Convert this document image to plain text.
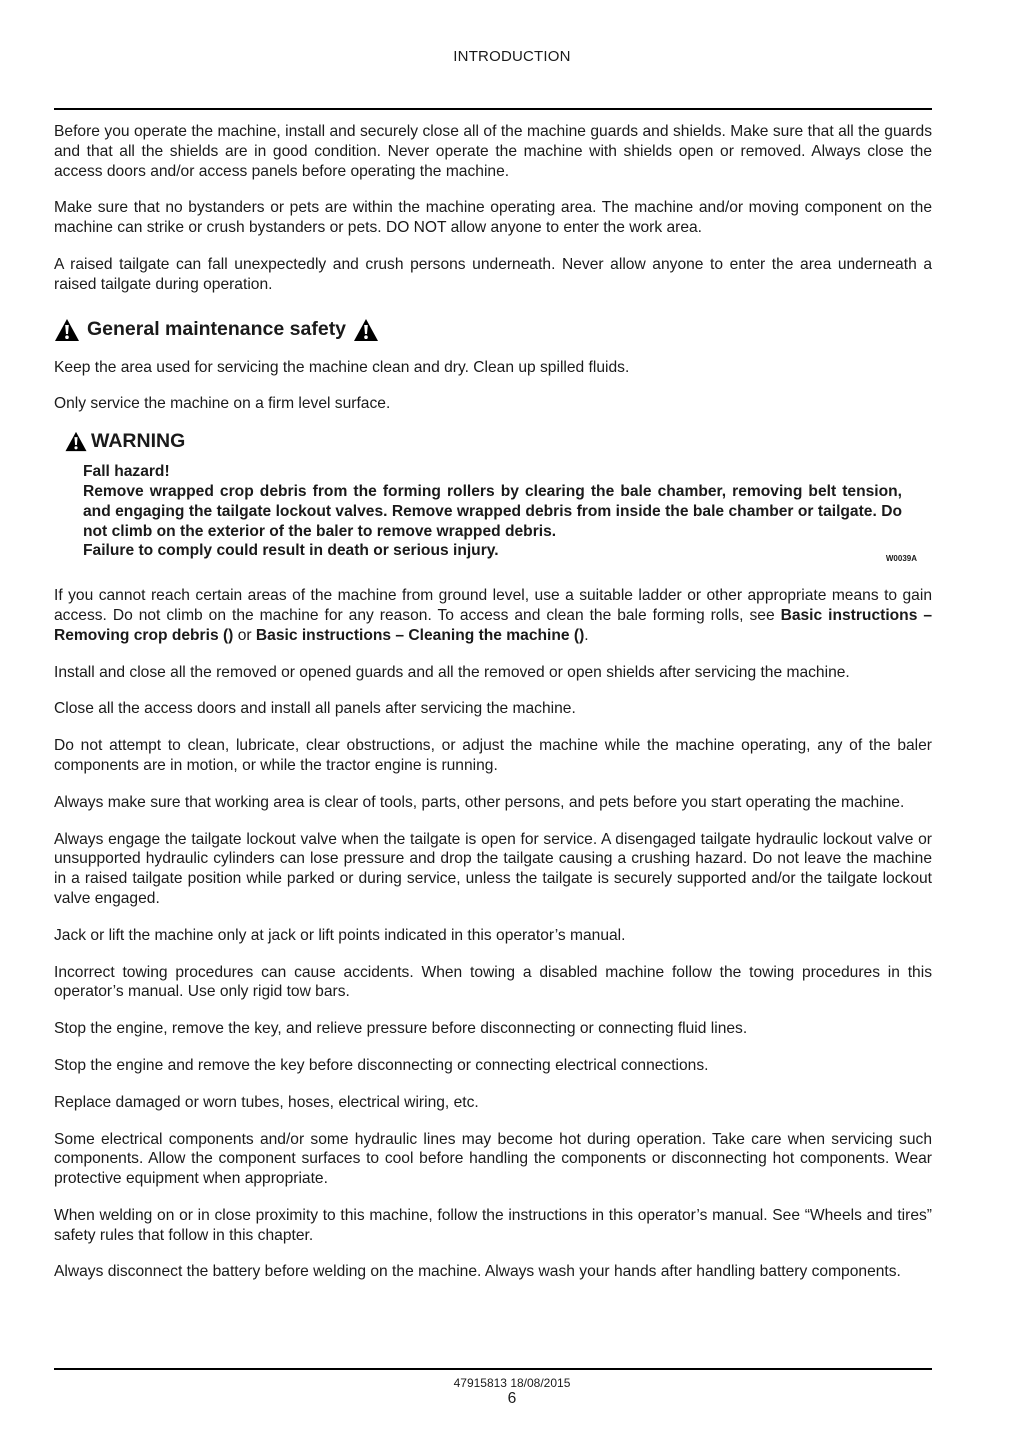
INTRODUCTION

Before you operate the machine, install and securely close all of the machine guards and shields. Make sure that all the guards and that all the shields are in good condition. Never operate the machine with shields open or removed. Always close the access doors and/or access panels before operating the machine.

Make sure that no bystanders or pets are within the machine operating area. The machine and/or moving component on the machine can strike or crush bystanders or pets. DO NOT allow anyone to enter the work area.

A raised tailgate can fall unexpectedly and crush persons underneath. Never allow anyone to enter the area underneath a raised tailgate during operation.

General maintenance safety

Keep the area used for servicing the machine clean and dry. Clean up spilled fluids.

Only service the machine on a firm level surface.

WARNING
Fall hazard!
Remove wrapped crop debris from the forming rollers by clearing the bale chamber, removing belt tension, and engaging the tailgate lockout valves. Remove wrapped debris from inside the bale chamber or tailgate. Do not climb on the exterior of the baler to remove wrapped debris.
Failure to comply could result in death or serious injury.	W0039A

If you cannot reach certain areas of the machine from ground level, use a suitable ladder or other appropriate means to gain access. Do not climb on the machine for any reason. To access and clean the bale forming rolls, see Basic instructions – Removing crop debris () or Basic instructions – Cleaning the machine ().

Install and close all the removed or opened guards and all the removed or open shields after servicing the machine.

Close all the access doors and install all panels after servicing the machine.

Do not attempt to clean, lubricate, clear obstructions, or adjust the machine while the machine operating, any of the baler components are in motion, or while the tractor engine is running.

Always make sure that working area is clear of tools, parts, other persons, and pets before you start operating the machine.

Always engage the tailgate lockout valve when the tailgate is open for service. A disengaged tailgate hydraulic lockout valve or unsupported hydraulic cylinders can lose pressure and drop the tailgate causing a crushing hazard. Do not leave the machine in a raised tailgate position while parked or during service, unless the tailgate is securely supported and/or the tailgate lockout valve engaged.

Jack or lift the machine only at jack or lift points indicated in this operator’s manual.

Incorrect towing procedures can cause accidents. When towing a disabled machine follow the towing procedures in this operator’s manual. Use only rigid tow bars.

Stop the engine, remove the key, and relieve pressure before disconnecting or connecting fluid lines.

Stop the engine and remove the key before disconnecting or connecting electrical connections.

Replace damaged or worn tubes, hoses, electrical wiring, etc.

Some electrical components and/or some hydraulic lines may become hot during operation. Take care when servicing such components. Allow the component surfaces to cool before handling the components or disconnecting hot components. Wear protective equipment when appropriate.

When welding on or in close proximity to this machine, follow the instructions in this operator’s manual. See “Wheels and tires” safety rules that follow in this chapter.

Always disconnect the battery before welding on the machine. Always wash your hands after handling battery components.

47915813 18/08/2015
6
